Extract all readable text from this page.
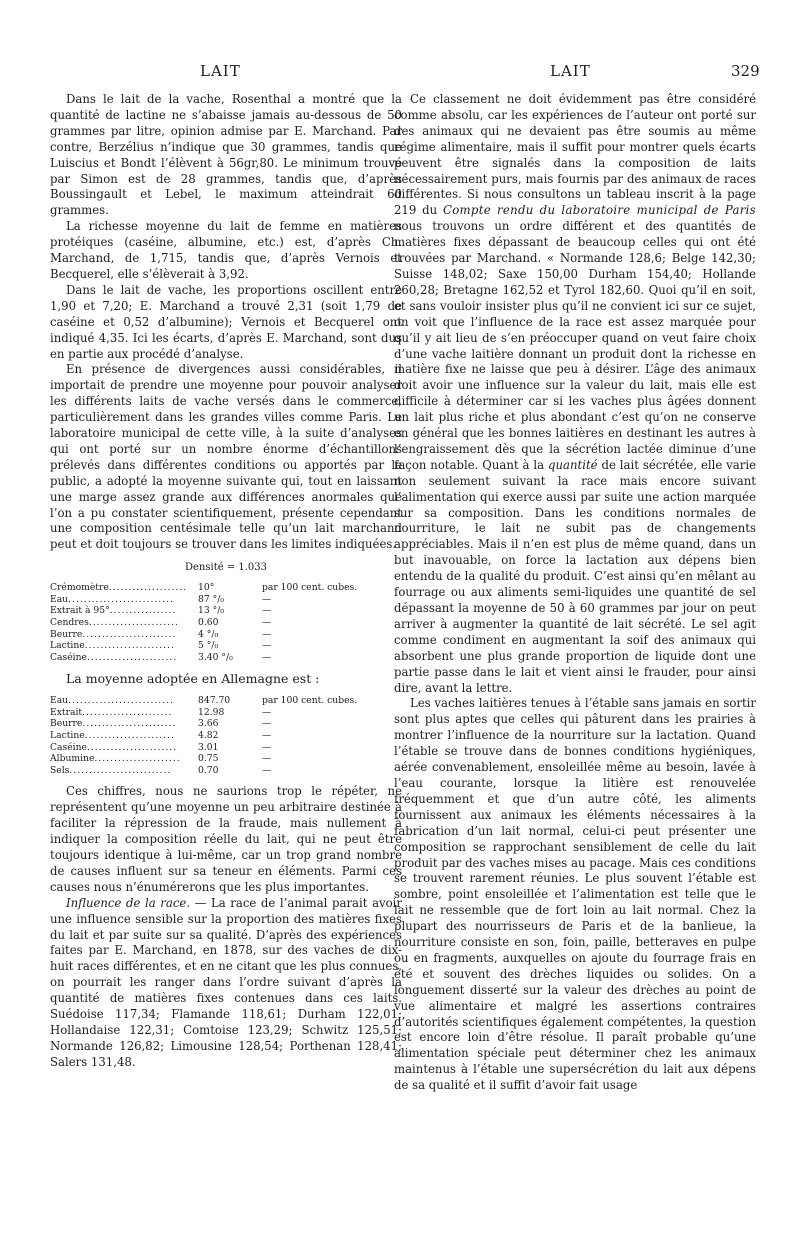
LAIT	LAIT	329

Dans le lait de la vache, Rosenthal a montré que la quantité de lactine ne s’abaisse jamais au-dessous de 50 grammes par litre, opinion admise par E. Marchand. Par contre, Berzélius n’indique que 30 grammes, tandis que Luiscius et Bondt l’élèvent à 56gr,80. Le minimum trouvé par Simon est de 28 grammes, tandis que, d’après Boussingault et Lebel, le maximum atteindrait 60 grammes.

La richesse moyenne du lait de femme en matières protéiques (caséine, albumine, etc.) est, d’après Ch. Marchand, de 1,715, tandis que, d’après Vernois et Becquerel, elle s’élèverait à 3,92.

Dans le lait de vache, les proportions oscillent entre 1,90 et 7,20; E. Marchand a trouvé 2,31 (soit 1,79 de caséine et 0,52 d’albumine); Vernois et Becquerel ont indiqué 4,35. Ici les écarts, d’après E. Marchand, sont dus en partie aux procédé d’analyse.

En présence de divergences aussi considérables, il importait de prendre une moyenne pour pouvoir analyser les différents laits de vache versés dans le commerce, particulièrement dans les grandes villes comme Paris. Le laboratoire municipal de cette ville, à la suite d’analyses qui ont porté sur un nombre énorme d’échantillons prélevés dans différentes conditions ou apportés par le public, a adopté la moyenne suivante qui, tout en laissant une marge assez grande aux différences anormales que l’on a pu constater scientifiquement, présente cependant une composition centésimale telle qu’un lait marchand peut et doit toujours se trouver dans les limites indiquées.

Densité = 1.033

Crémomètre....................	10°	par 100 cent. cubes.
Eau...........................	87 °/₀	—
Extrait à 95°.................	13 °/₀	—
Cendres.......................	0.60	—
Beurre........................	4 °/₀	—
Lactine.......................	5 °/₀	—
Caséine.......................	3.40 °/₀	—

La moyenne adoptée en Allemagne est :

Eau...........................	847.70	par 100 cent. cubes.
Extrait.......................	12.98	—
Beurre........................	3.66	—
Lactine.......................	4.82	—
Caséine.......................	3.01	—
Albumine......................	0.75	—
Sels..........................	0.70	—

Ces chiffres, nous ne saurions trop le répéter, ne représentent qu’une moyenne un peu arbitraire destinée à faciliter la répression de la fraude, mais nullement à indiquer la composition réelle du lait, qui ne peut être toujours identique à lui-même, car un trop grand nombre de causes influent sur sa teneur en éléments. Parmi ces causes nous n’énumérerons que les plus importantes.

Influence de la race. — La race de l’animal parait avoir une influence sensible sur la proportion des matières fixes du lait et par suite sur sa qualité. D’après des expériences faites par E. Marchand, en 1878, sur des vaches de dix-huit races différentes, et en ne citant que les plus connues, on pourrait les ranger dans l’ordre suivant d’après la quantité de matières fixes contenues dans ces laits. Suédoise 117,34; Flamande 118,61; Durham 122,01; Hollandaise 122,31; Comtoise 123,29; Schwitz 125,51; Normande 126,82; Limousine 128,54; Porthenan 128,41; Salers 131,48.

Ce classement ne doit évidemment pas être considéré comme absolu, car les expériences de l’auteur ont porté sur des animaux qui ne devaient pas être soumis au même régime alimentaire, mais il suffit pour montrer quels écarts peuvent être signalés dans la composition de laits nécessairement purs, mais fournis par des animaux de races différentes. Si nous consultons un tableau inscrit à la page 219 du Compte rendu du laboratoire municipal de Paris nous trouvons un ordre différent et des quantités de matières fixes dépassant de beaucoup celles qui ont été trouvées par Marchand. « Normande 128,6; Belge 142,30; Suisse 148,02; Saxe 150,00 Durham 154,40; Hollande 260,28; Bretagne 162,52 et Tyrol 182,60. Quoi qu’il en soit, et sans vouloir insister plus qu’il ne convient ici sur ce sujet, on voit que l’influence de la race est assez marquée pour qu’il y ait lieu de s’en préoccuper quand on veut faire choix d’une vache laitière donnant un produit dont la richesse en matière fixe ne laisse que peu à désirer. L’âge des animaux doit avoir une influence sur la valeur du lait, mais elle est difficile à déterminer car si les vaches plus âgées donnent un lait plus riche et plus abondant c’est qu’on ne conserve en général que les bonnes laitières en destinant les autres à l’engraissement dès que la sécrétion lactée diminue d’une façon notable. Quant à la quantité de lait sécrétée, elle varie non seulement suivant la race mais encore suivant l’alimentation qui exerce aussi par suite une action marquée sur sa composition. Dans les conditions normales de nourriture, le lait ne subit pas de changements appréciables. Mais il n’en est plus de même quand, dans un but inavouable, on force la lactation aux dépens bien entendu de la qualité du produit. C’est ainsi qu’en mêlant au fourrage ou aux aliments semi-liquides une quantité de sel dépassant la moyenne de 50 à 60 grammes par jour on peut arriver à augmenter la quantité de lait sécrété. Le sel agit comme condiment en augmentant la soif des animaux qui absorbent une plus grande proportion de liquide dont une partie passe dans le lait et vient ainsi le frauder, pour ainsi dire, avant la lettre.

Les vaches laitières tenues à l’étable sans jamais en sortir sont plus aptes que celles qui pâturent dans les prairies à montrer l’influence de la nourriture sur la lactation. Quand l’étable se trouve dans de bonnes conditions hygiéniques, aérée convenablement, ensoleillée même au besoin, lavée à l’eau courante, lorsque la litière est renouvelée fréquemment et que d’un autre côté, les aliments fournissent aux animaux les éléments nécessaires à la fabrication d’un lait normal, celui-ci peut présenter une composition se rapprochant sensiblement de celle du lait produit par des vaches mises au pacage. Mais ces conditions se trouvent rarement réunies. Le plus souvent l’étable est sombre, point ensoleillée et l’alimentation est telle que le lait ne ressemble que de fort loin au lait normal. Chez la plupart des nourrisseurs de Paris et de la banlieue, la nourriture consiste en son, foin, paille, betteraves en pulpe ou en fragments, auxquelles on ajoute du fourrage frais en été et souvent des drèches liquides ou solides. On a longuement disserté sur la valeur des drèches au point de vue alimentaire et malgré les assertions contraires d’autorités scientifiques également compétentes, la question est encore loin d’être résolue. Il paraît probable qu’une alimentation spéciale peut déterminer chez les animaux maintenus à l’étable une supersécrétion du lait aux dépens de sa qualité et il suffit d’avoir fait usage
